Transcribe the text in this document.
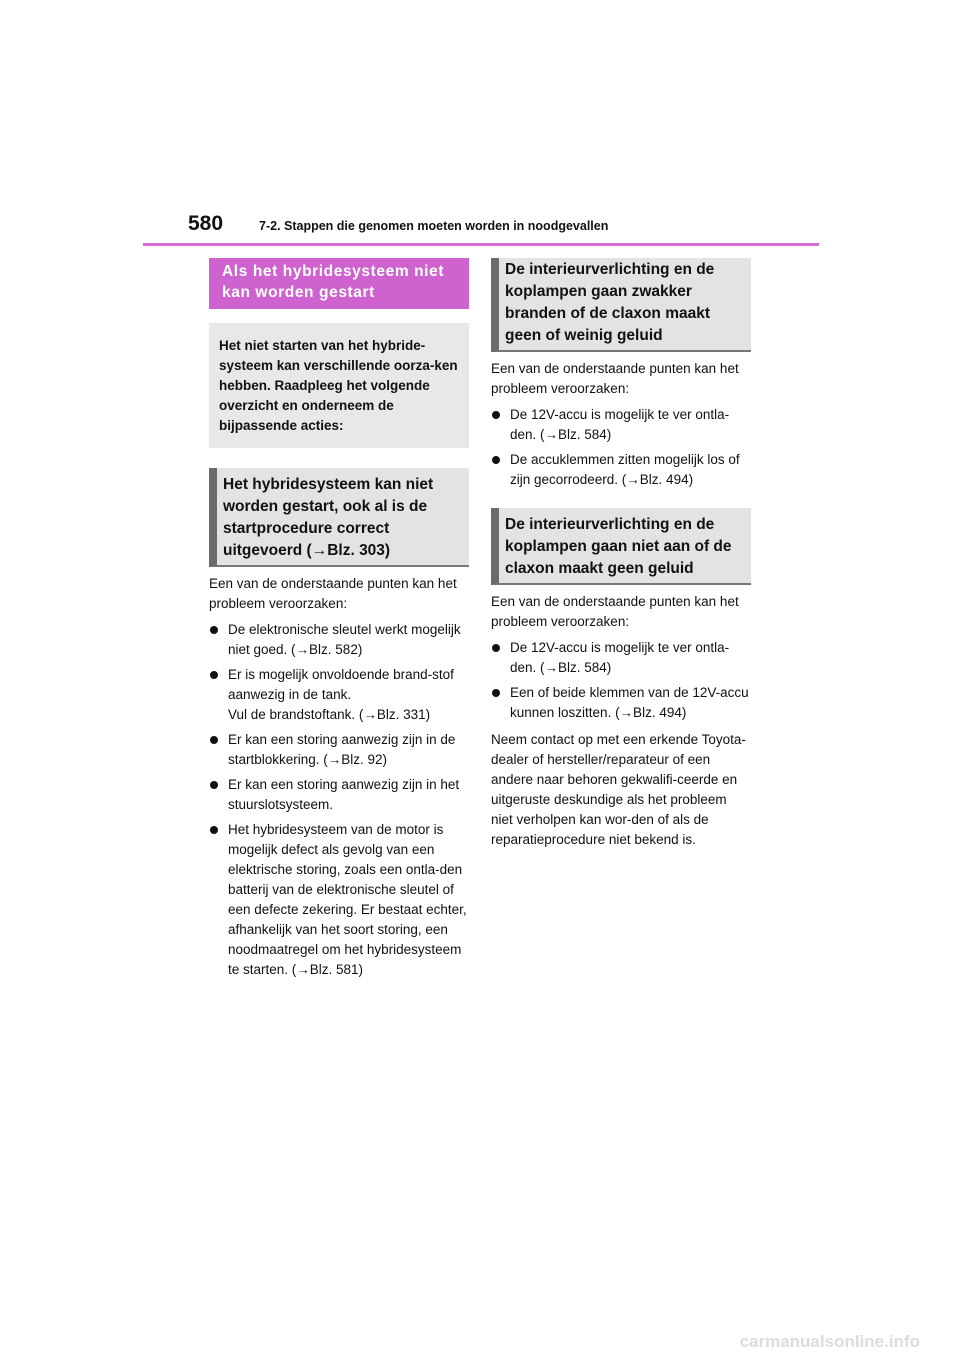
580	7-2. Stappen die genomen moeten worden in noodgevallen
Als het hybridesysteem niet kan worden gestart
Het niet starten van het hybride-systeem kan verschillende oorza-ken hebben. Raadpleeg het volgende overzicht en onderneem de bijpassende acties:
Het hybridesysteem kan niet worden gestart, ook al is de startprocedure correct uitgevoerd (→Blz. 303)
Een van de onderstaande punten kan het probleem veroorzaken:
De elektronische sleutel werkt mogelijk niet goed. (→Blz. 582)
Er is mogelijk onvoldoende brand-stof aanwezig in de tank.
Vul de brandstoftank. (→Blz. 331)
Er kan een storing aanwezig zijn in de startblokkering. (→Blz. 92)
Er kan een storing aanwezig zijn in het stuurslotsysteem.
Het hybridesysteem van de motor is mogelijk defect als gevolg van een elektrische storing, zoals een ontla-den batterij van de elektronische sleutel of een defecte zekering. Er bestaat echter, afhankelijk van het soort storing, een noodmaatregel om het hybridesysteem te starten. (→Blz. 581)
De interieurverlichting en de koplampen gaan zwakker branden of de claxon maakt geen of weinig geluid
Een van de onderstaande punten kan het probleem veroorzaken:
De 12V-accu is mogelijk te ver ontla-den. (→Blz. 584)
De accuklemmen zitten mogelijk los of zijn gecorrodeerd. (→Blz. 494)
De interieurverlichting en de koplampen gaan niet aan of de claxon maakt geen geluid
Een van de onderstaande punten kan het probleem veroorzaken:
De 12V-accu is mogelijk te ver ontla-den. (→Blz. 584)
Een of beide klemmen van de 12V-accu kunnen loszitten. (→Blz. 494)
Neem contact op met een erkende Toyota-dealer of hersteller/reparateur of een andere naar behoren gekwalifi-ceerde en uitgeruste deskundige als het probleem niet verholpen kan wor-den of als de reparatieprocedure niet bekend is.
carmanualsonline.info
